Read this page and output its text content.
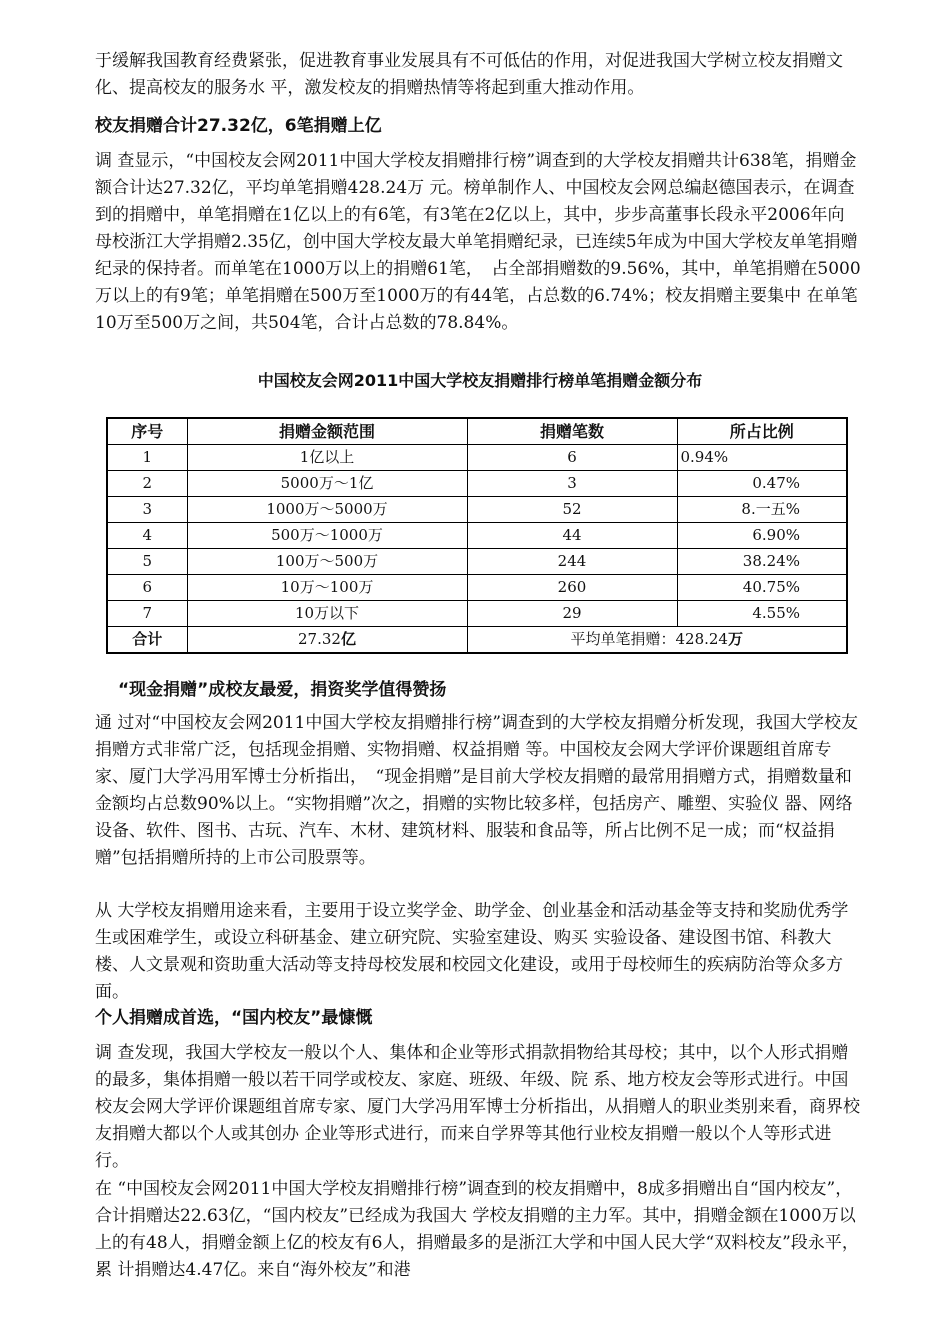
于缓解我国教育经费紧张，促进教育事业发展具有不可低估的作用，对促进我国大学树立校友捐赠文化、提高校友的服务水 平，激发校友的捐赠热情等将起到重大推动作用。

校友捐赠合计27.32亿，6笔捐赠上亿

调 查显示，“中国校友会网2011中国大学校友捐赠排行榜”调查到的大学校友捐赠共计638笔，捐赠金额合计达27.32亿，平均单笔捐赠428.24万 元。榜单制作人、中国校友会网总编赵德国表示，在调查到的捐赠中，单笔捐赠在1亿以上的有6笔，有3笔在2亿以上，其中，步步高董事长段永平2006年向 母校浙江大学捐赠2.35亿，创中国大学校友最大单笔捐赠纪录，已连续5年成为中国大学校友单笔捐赠纪录的保持者。而单笔在1000万以上的捐赠61笔，　占全部捐赠数的9.56%，其中，单笔捐赠在5000万以上的有9笔；单笔捐赠在500万至1000万的有44笔，占总数的6.74%；校友捐赠主要集中 在单笔10万至500万之间，共504笔，合计占总数的78.84%。

中国校友会网2011中国大学校友捐赠排行榜单笔捐赠金额分布
序号	捐赠金额范围	捐赠笔数	所占比例
1	1亿以上	6	0.94%
2	5000万～1亿	3	0.47%
3	1000万～5000万	52	8.一五%
4	500万～1000万	44	6.90%
5	100万～500万	244	38.24%
6	10万～100万	260	40.75%
7	10万以下	29	4.55%
合计	27.32亿	平均单笔捐赠：428.24万	
“现金捐赠”成校友最爱，捐资奖学值得赞扬

通 过对“中国校友会网2011中国大学校友捐赠排行榜”调查到的大学校友捐赠分析发现，我国大学校友捐赠方式非常广泛，包括现金捐赠、实物捐赠、权益捐赠 等。中国校友会网大学评价课题组首席专家、厦门大学冯用军博士分析指出，　“现金捐赠”是目前大学校友捐赠的最常用捐赠方式，捐赠数量和金额均占总数90%以上。“实物捐赠”次之，捐赠的实物比较多样，包括房产、雕塑、实验仪 器、网络设备、软件、图书、古玩、汽车、木材、建筑材料、服装和食品等，所占比例不足一成；而“权益捐赠”包括捐赠所持的上市公司股票等。

从 大学校友捐赠用途来看，主要用于设立奖学金、助学金、创业基金和活动基金等支持和奖励优秀学生或困难学生，或设立科研基金、建立研究院、实验室建设、购买 实验设备、建设图书馆、科教大楼、人文景观和资助重大活动等支持母校发展和校园文化建设，或用于母校师生的疾病防治等众多方面。

个人捐赠成首选，“国内校友”最慷慨

调 查发现，我国大学校友一般以个人、集体和企业等形式捐款捐物给其母校；其中，以个人形式捐赠的最多，集体捐赠一般以若干同学或校友、家庭、班级、年级、院 系、地方校友会等形式进行。中国校友会网大学评价课题组首席专家、厦门大学冯用军博士分析指出，从捐赠人的职业类别来看，商界校友捐赠大都以个人或其创办 企业等形式进行，而来自学界等其他行业校友捐赠一般以个人等形式进行。

在 “中国校友会网2011中国大学校友捐赠排行榜”调查到的校友捐赠中，8成多捐赠出自“国内校友”，合计捐赠达22.63亿，“国内校友”已经成为我国大 学校友捐赠的主力军。其中，捐赠金额在1000万以上的有48人，捐赠金额上亿的校友有6人，捐赠最多的是浙江大学和中国人民大学“双料校友”段永平，累 计捐赠达4.47亿。来自“海外校友”和港
